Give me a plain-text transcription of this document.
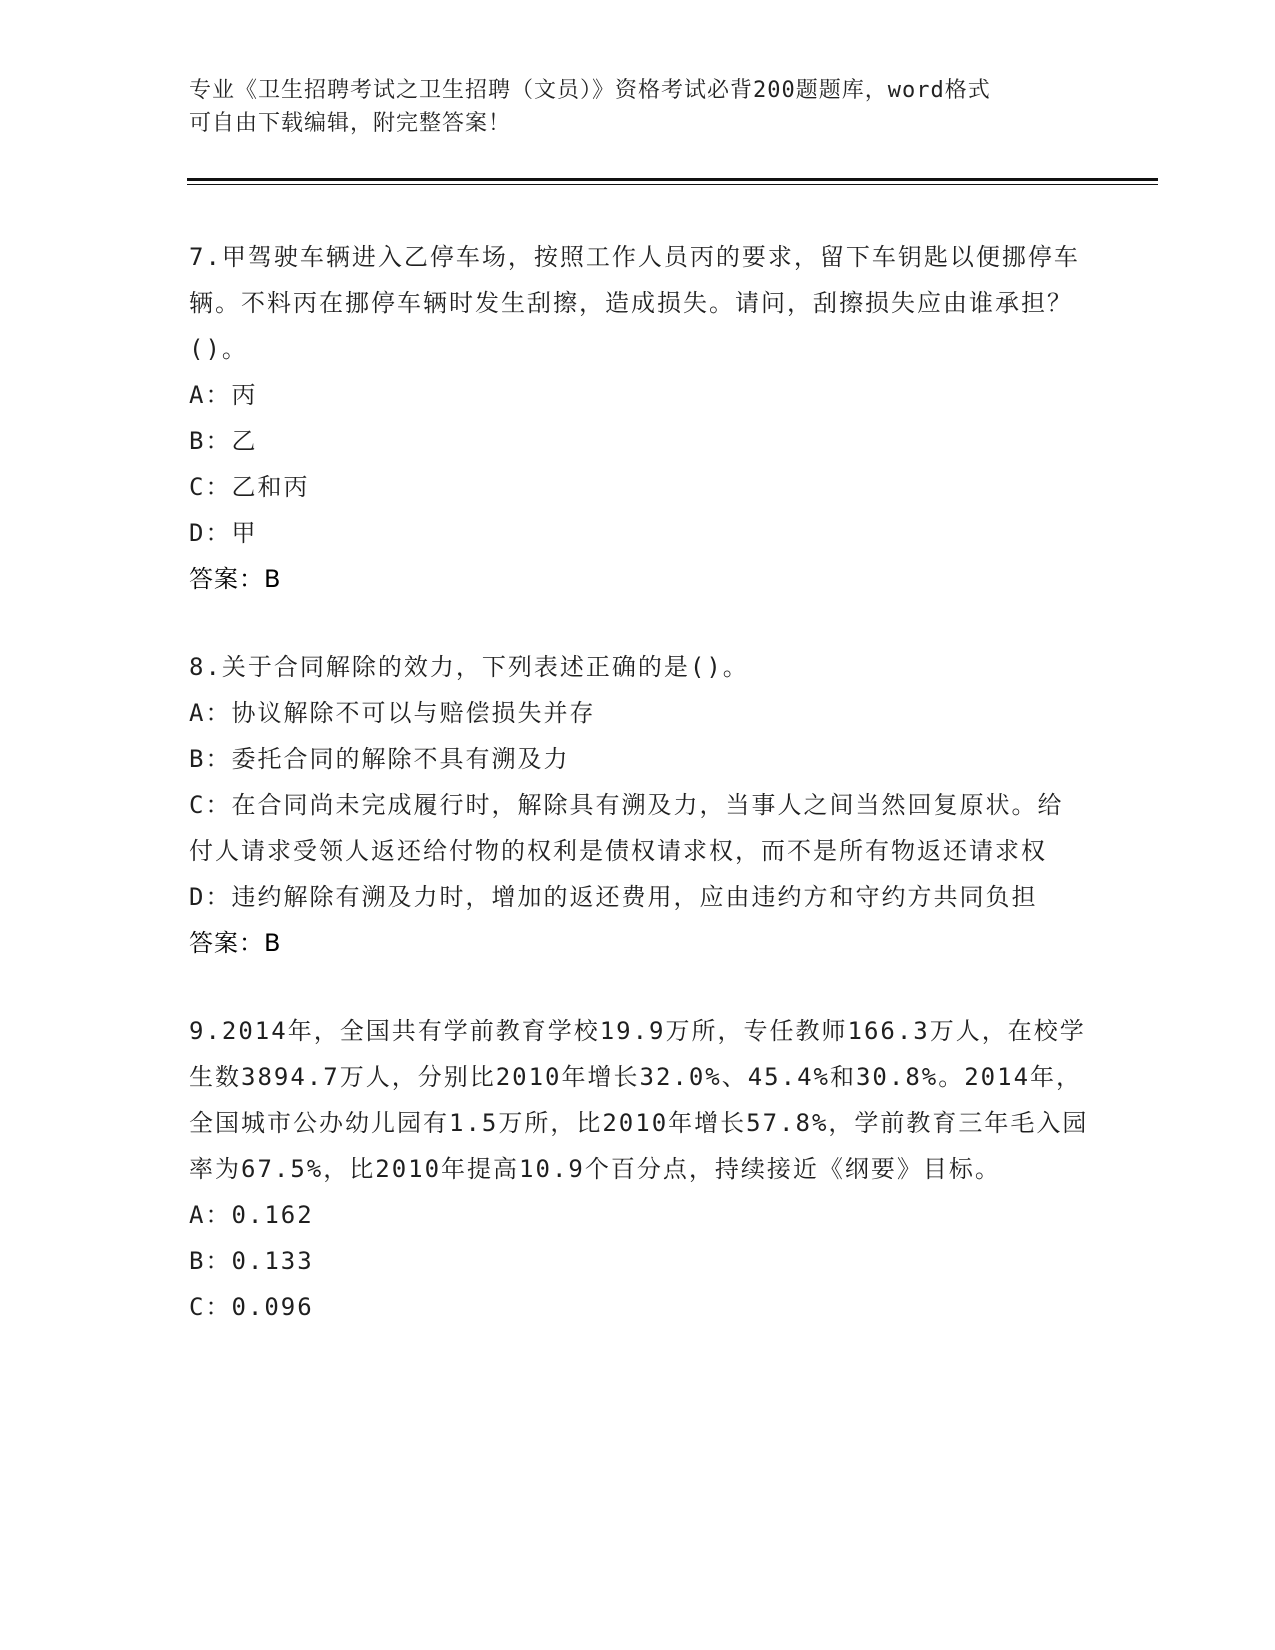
专业《卫生招聘考试之卫生招聘（文员）》资格考试必背200题题库，word格式
可自由下载编辑，附完整答案！

7.甲驾驶车辆进入乙停车场，按照工作人员丙的要求，留下车钥匙以便挪停车辆。不料丙在挪停车辆时发生刮擦，造成损失。请问，刮擦损失应由谁承担？()。

A：丙

B：乙

C：乙和丙

D：甲

答案：B

8.关于合同解除的效力，下列表述正确的是()。

A：协议解除不可以与赔偿损失并存

B：委托合同的解除不具有溯及力

C：在合同尚未完成履行时，解除具有溯及力，当事人之间当然回复原状。给付人请求受领人返还给付物的权利是债权请求权，而不是所有物返还请求权

D：违约解除有溯及力时，增加的返还费用，应由违约方和守约方共同负担

答案：B

9.2014年，全国共有学前教育学校19.9万所，专任教师166.3万人，在校学生数3894.7万人，分别比2010年增长32.0%、45.4%和30.8%。2014年，全国城市公办幼儿园有1.5万所，比2010年增长57.8%，学前教育三年毛入园率为67.5%，比2010年提高10.9个百分点，持续接近《纲要》目标。

A：0.162

B：0.133

C：0.096
